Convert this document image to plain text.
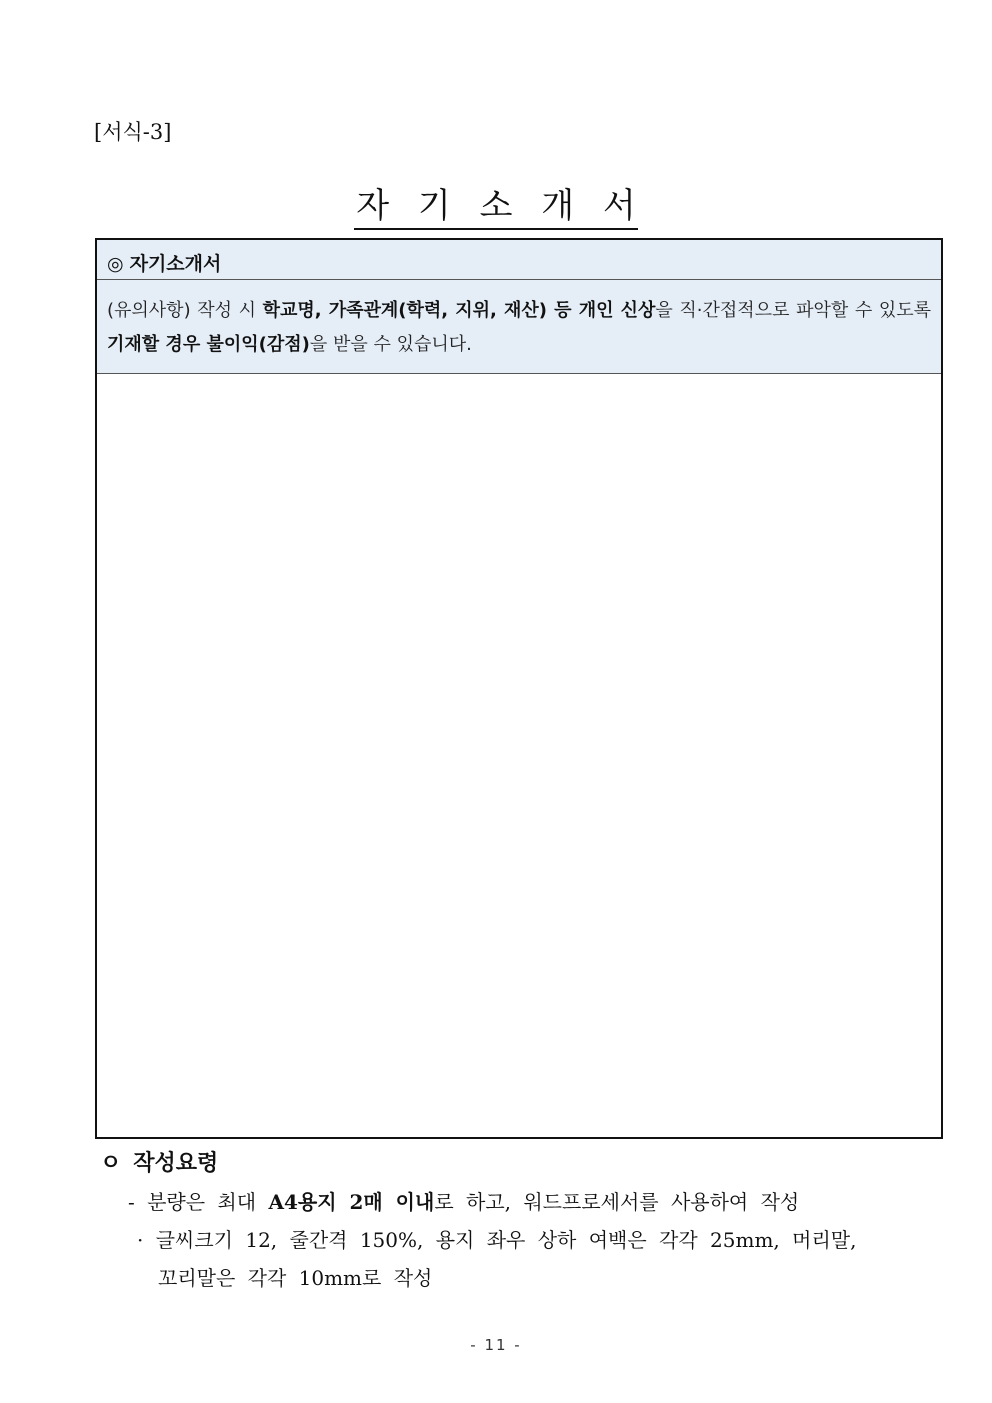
[서식-3]
자 기 소 개 서
◎ 자기소개서
(유의사항) 작성 시 학교명, 가족관계(학력, 지위, 재산) 등 개인 신상을 직·간접적으로 파악할 수 있도록 기재할 경우 불이익(감점)을 받을 수 있습니다.
ㅇ 작성요령
- 분량은 최대 A4용지 2매 이내로 하고, 워드프로세서를 사용하여 작성
· 글씨크기 12, 줄간격 150%, 용지 좌우 상하 여백은 각각 25mm, 머리말,
꼬리말은 각각 10mm로 작성
- 11 -
